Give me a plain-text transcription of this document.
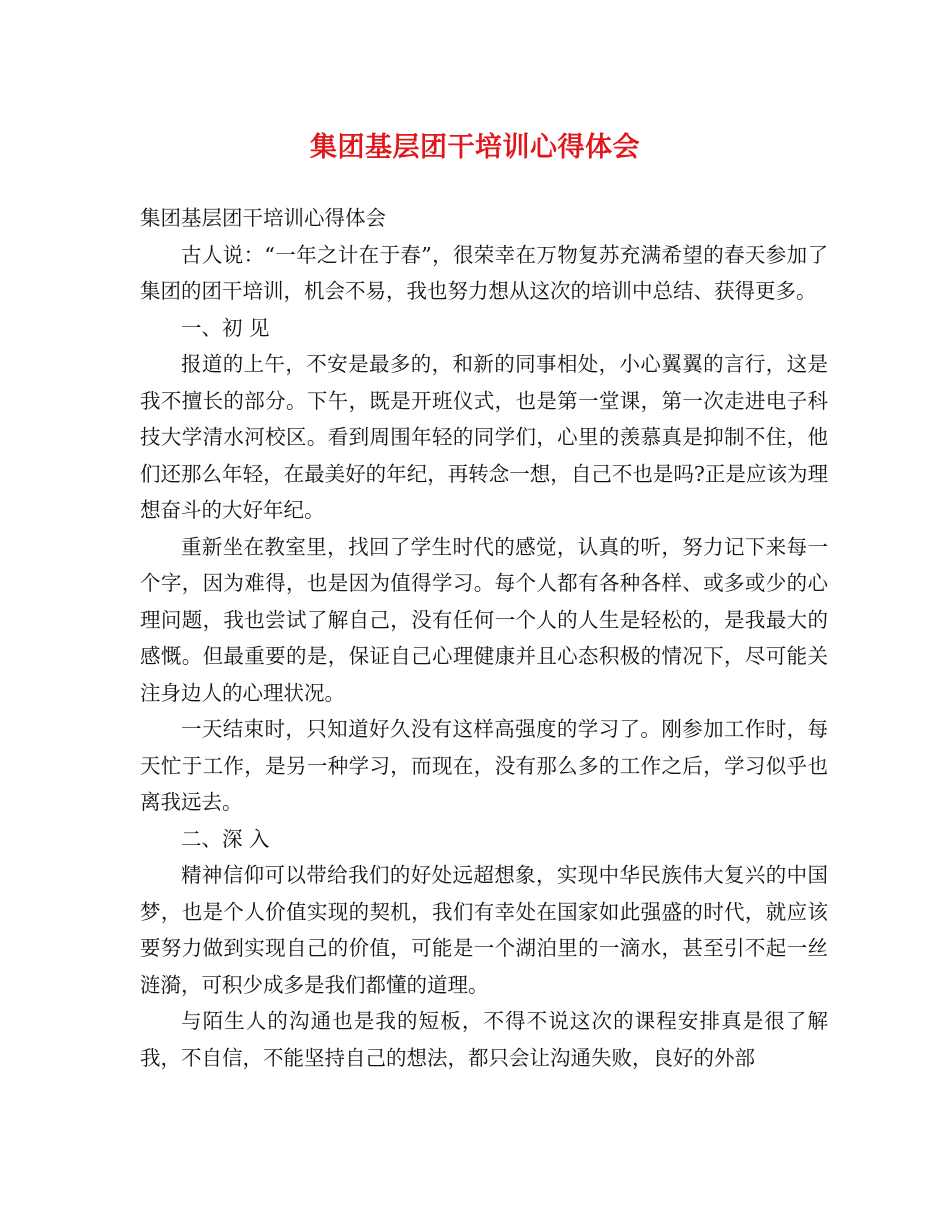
集团基层团干培训心得体会

集团基层团干培训心得体会

古人说：“一年之计在于春”，很荣幸在万物复苏充满希望的春天参加了集团的团干培训，机会不易，我也努力想从这次的培训中总结、获得更多。

一、初 见

报道的上午，不安是最多的，和新的同事相处，小心翼翼的言行，这是我不擅长的部分。下午，既是开班仪式，也是第一堂课，第一次走进电子科技大学清水河校区。看到周围年轻的同学们，心里的羡慕真是抑制不住，他们还那么年轻，在最美好的年纪，再转念一想，自己不也是吗?正是应该为理想奋斗的大好年纪。

重新坐在教室里，找回了学生时代的感觉，认真的听，努力记下来每一个字，因为难得，也是因为值得学习。每个人都有各种各样、或多或少的心理问题，我也尝试了解自己，没有任何一个人的人生是轻松的，是我最大的感慨。但最重要的是，保证自己心理健康并且心态积极的情况下，尽可能关注身边人的心理状况。

一天结束时，只知道好久没有这样高强度的学习了。刚参加工作时，每天忙于工作，是另一种学习，而现在，没有那么多的工作之后，学习似乎也离我远去。

二、深 入

精神信仰可以带给我们的好处远超想象，实现中华民族伟大复兴的中国梦，也是个人价值实现的契机，我们有幸处在国家如此强盛的时代，就应该要努力做到实现自己的价值，可能是一个湖泊里的一滴水，甚至引不起一丝涟漪，可积少成多是我们都懂的道理。

与陌生人的沟通也是我的短板，不得不说这次的课程安排真是很了解我，不自信，不能坚持自己的想法，都只会让沟通失败，良好的外部
